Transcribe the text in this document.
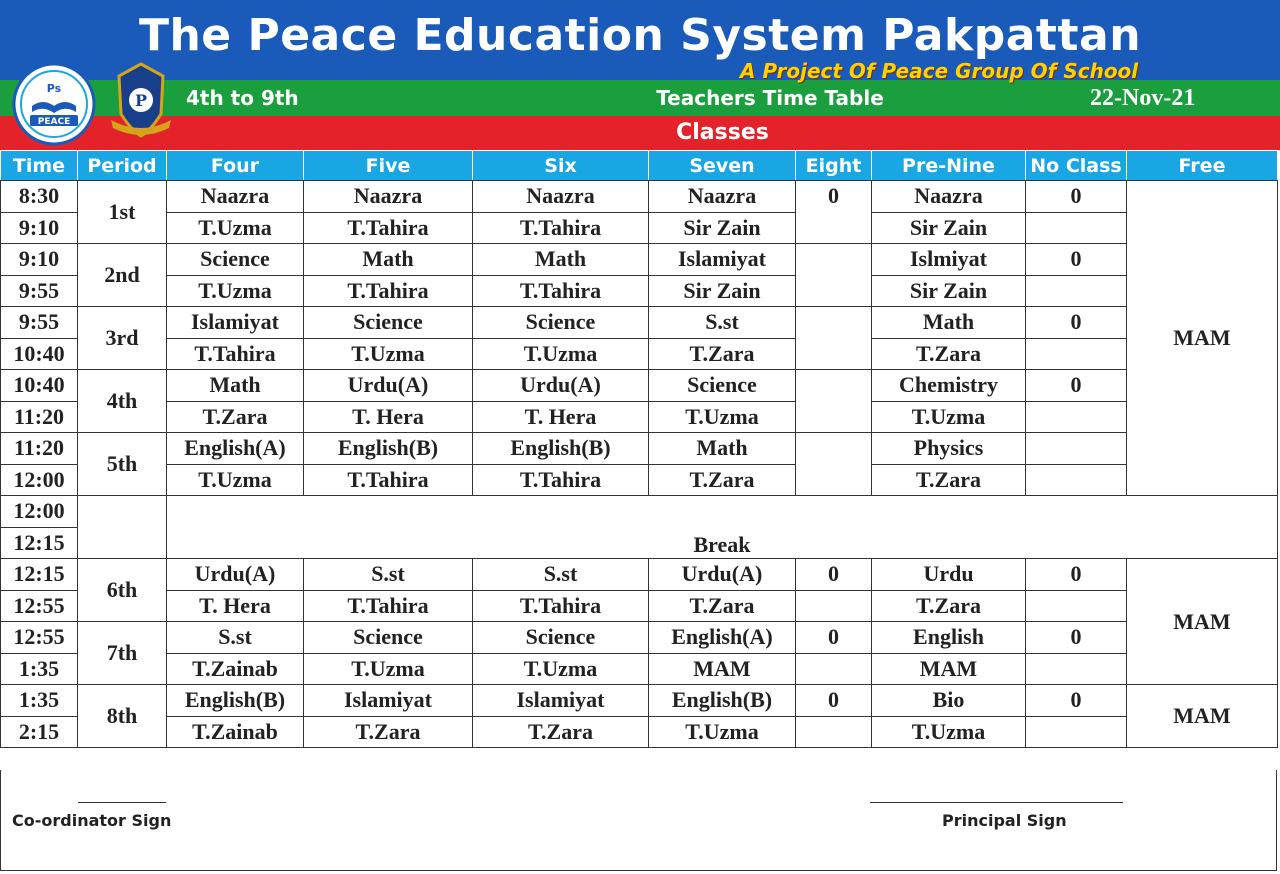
The Peace Education System Pakpattan
A Project Of Peace Group Of School
4th to 9th	Teachers Time Table	22-Nov-21
Classes
Ps
PEACE
P
Time	Period	Four	Five	Six	Seven	Eight	Pre-Nine	No Class	Free
8:30	1st	Naazra	Naazra	Naazra	Naazra	0	Naazra	0	MAM
9:10		T.Uzma	T.Tahira	T.Tahira	Sir Zain		Sir Zain		
9:10	2nd	Science	Math	Math	Islamiyat		Islmiyat	0	
9:55		T.Uzma	T.Tahira	T.Tahira	Sir Zain		Sir Zain		
9:55	3rd	Islamiyat	Science	Science	S.st		Math	0	
10:40		T.Tahira	T.Uzma	T.Uzma	T.Zara		T.Zara		
10:40	4th	Math	Urdu(A)	Urdu(A)	Science		Chemistry	0	
11:20		T.Zara	T. Hera	T. Hera	T.Uzma		T.Uzma		
11:20	5th	English(A)	English(B)	English(B)	Math		Physics		
12:00		T.Uzma	T.Tahira	T.Tahira	T.Zara		T.Zara		
12:00		Break							
12:15									
12:15	6th	Urdu(A)	S.st	S.st	Urdu(A)	0	Urdu	0	MAM
12:55		T. Hera	T.Tahira	T.Tahira	T.Zara		T.Zara		
12:55	7th	S.st	Science	Science	English(A)	0	English	0	
1:35		T.Zainab	T.Uzma	T.Uzma	MAM		MAM		
1:35	8th	English(B)	Islamiyat	Islamiyat	English(B)	0	Bio	0	MAM
2:15		T.Zainab	T.Zara	T.Zara	T.Uzma		T.Uzma		
Co-ordinator Sign	Principal Sign
